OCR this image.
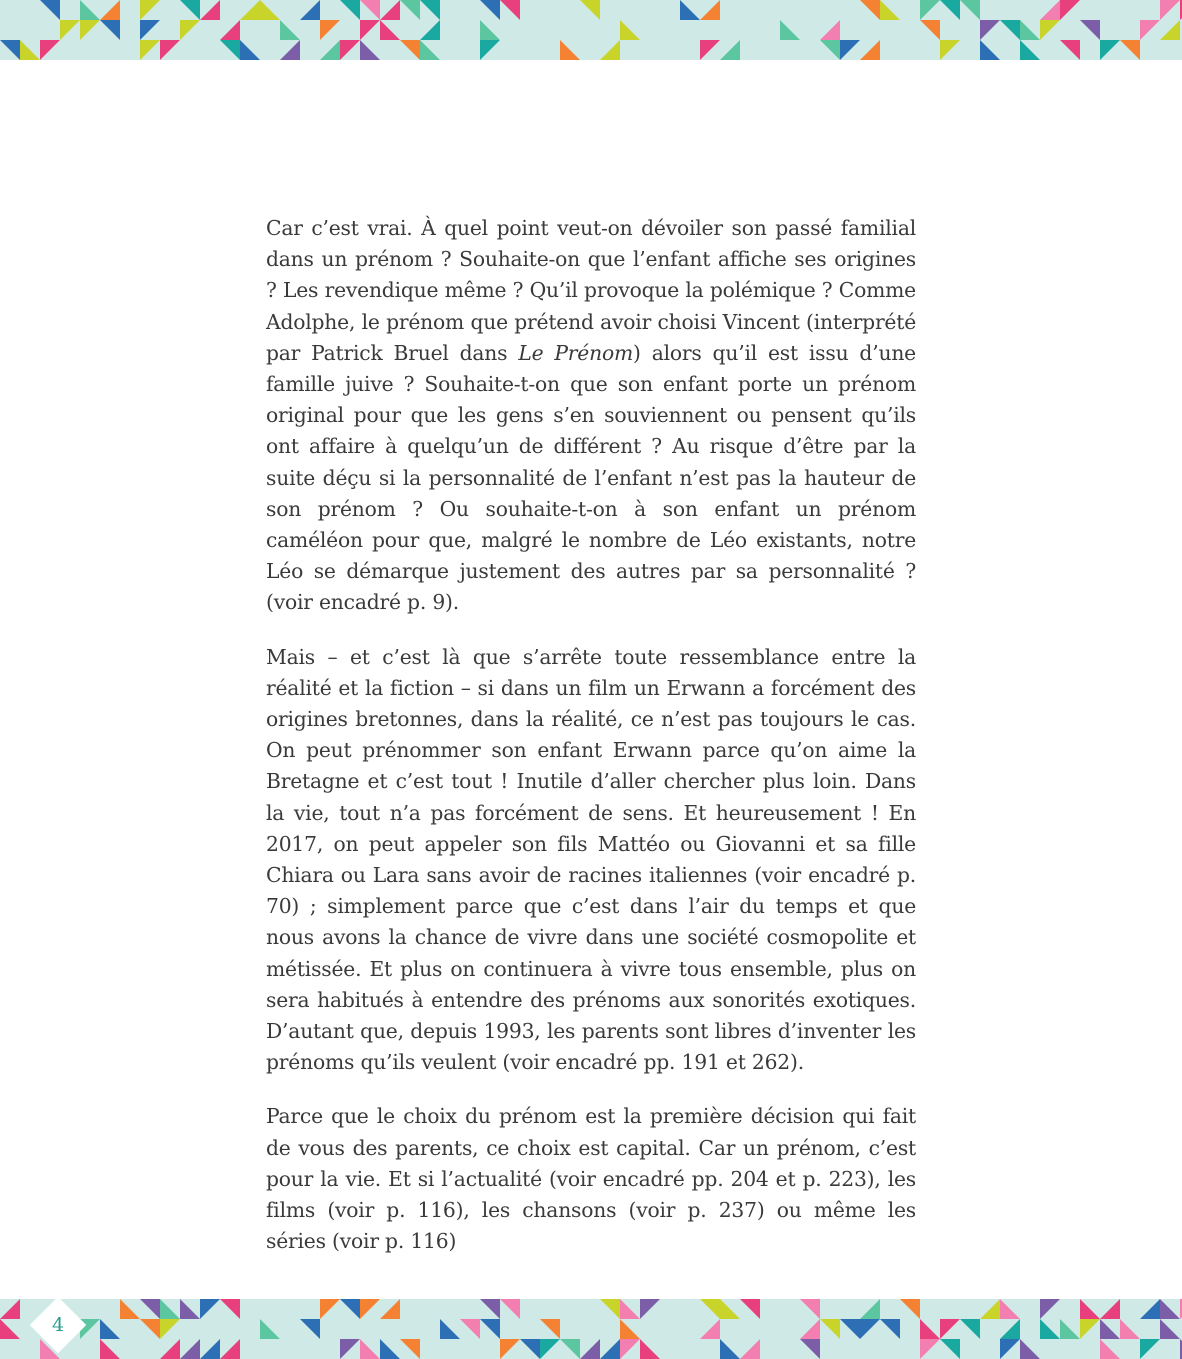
Car c’est vrai. À quel point veut-on dévoiler son passé familial dans un prénom ? Souhaite-on que l’enfant affiche ses origines ? Les revendique même ? Qu’il provoque la polémique ? Comme Adolphe, le prénom que prétend avoir choisi Vincent (interprété par Patrick Bruel dans Le Prénom) alors qu’il est issu d’une famille juive ? Souhaite-t-on que son enfant porte un prénom original pour que les gens s’en souviennent ou pensent qu’ils ont affaire à quelqu’un de différent ? Au risque d’être par la suite déçu si la personnalité de l’enfant n’est pas la hauteur de son prénom ? Ou souhaite-t-on à son enfant un prénom caméléon pour que, malgré le nombre de Léo existants, notre Léo se démarque justement des autres par sa personnalité ? (voir encadré p. 9).

Mais – et c’est là que s’arrête toute ressemblance entre la réalité et la fiction – si dans un film un Erwann a forcément des origines bretonnes, dans la réalité, ce n’est pas toujours le cas. On peut prénommer son enfant Erwann parce qu’on aime la Bretagne et c’est tout ! Inutile d’aller chercher plus loin. Dans la vie, tout n’a pas forcément de sens. Et heureusement ! En 2017, on peut appeler son fils Mattéo ou Giovanni et sa fille Chiara ou Lara sans avoir de racines italiennes (voir encadré p. 70) ; simplement parce que c’est dans l’air du temps et que nous avons la chance de vivre dans une société cosmopolite et métissée. Et plus on continuera à vivre tous ensemble, plus on sera habitués à entendre des prénoms aux sonorités exotiques. D’autant que, depuis 1993, les parents sont libres d’inventer les prénoms qu’ils veulent (voir encadré pp. 191 et 262).

Parce que le choix du prénom est la première décision qui fait de vous des parents, ce choix est capital. Car un prénom, c’est pour la vie. Et si l’actualité (voir encadré pp. 204 et p. 223), les films (voir p. 116), les chansons (voir p. 237) ou même les séries (voir p. 116)

4
